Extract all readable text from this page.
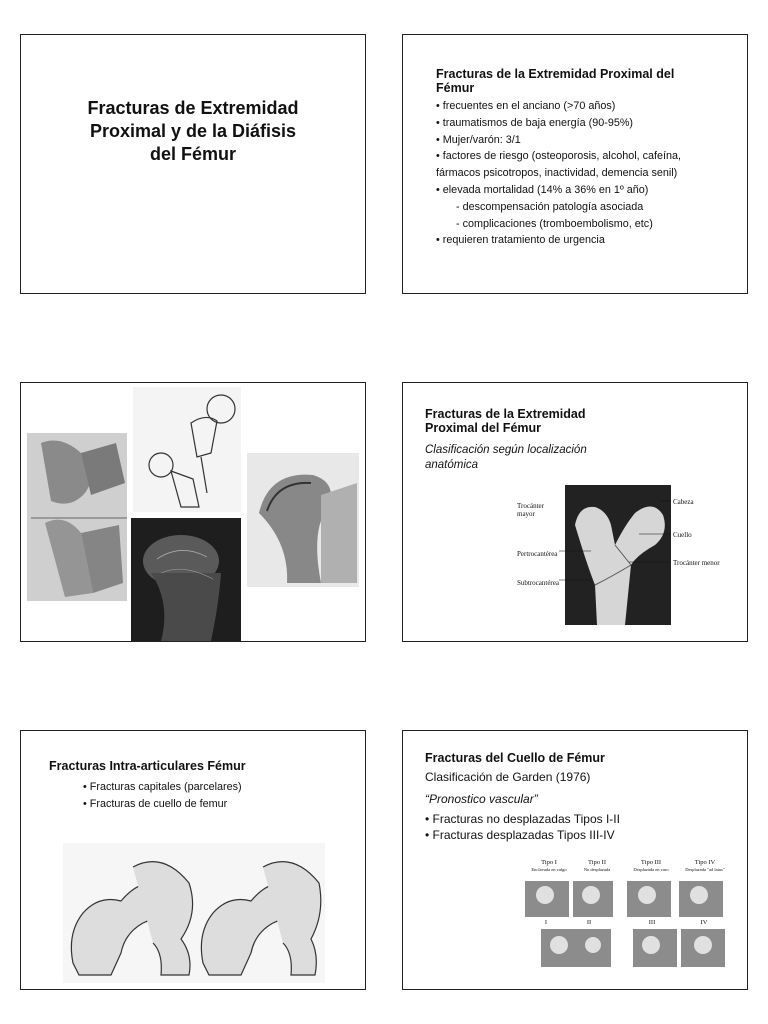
Fracturas de Extremidad
Proximal y de la Diáfisis
del Fémur
Fracturas de la Extremidad Proximal del
Fémur
• frecuentes en el anciano (>70 años)
• traumatismos de baja energía (90-95%)
• Mujer/varón: 3/1
• factores de riesgo (osteoporosis, alcohol, cafeína,
fármacos psicotropos, inactividad, demencia senil)
• elevada mortalidad (14% a 36% en 1º año)
- descompensación patología asociada
- complicaciones (tromboembolismo, etc)
• requieren tratamiento de urgencia
Fracturas de la Extremidad
Proximal del Fémur
Clasificación según localización
anatómica
Trocánter
mayor
Pertrocantérea
Subtrocantérea
Cabeza
Cuello
Trocánter menor
Fracturas Intra-articulares Fémur
• Fracturas capitales (parcelares)
• Fracturas de cuello de femur
Fracturas del Cuello de Fémur
Clasificación de Garden (1976)
“Pronostico vascular”
• Fracturas no desplazadas Tipos I-II
• Fracturas desplazadas Tipos III-IV
Tipo I
Enclavada en valgo
Tipo II
No desplazada
Tipo III
Desplazada en varo
Tipo IV
Desplazada "ad latus"
I	II	III	IV
